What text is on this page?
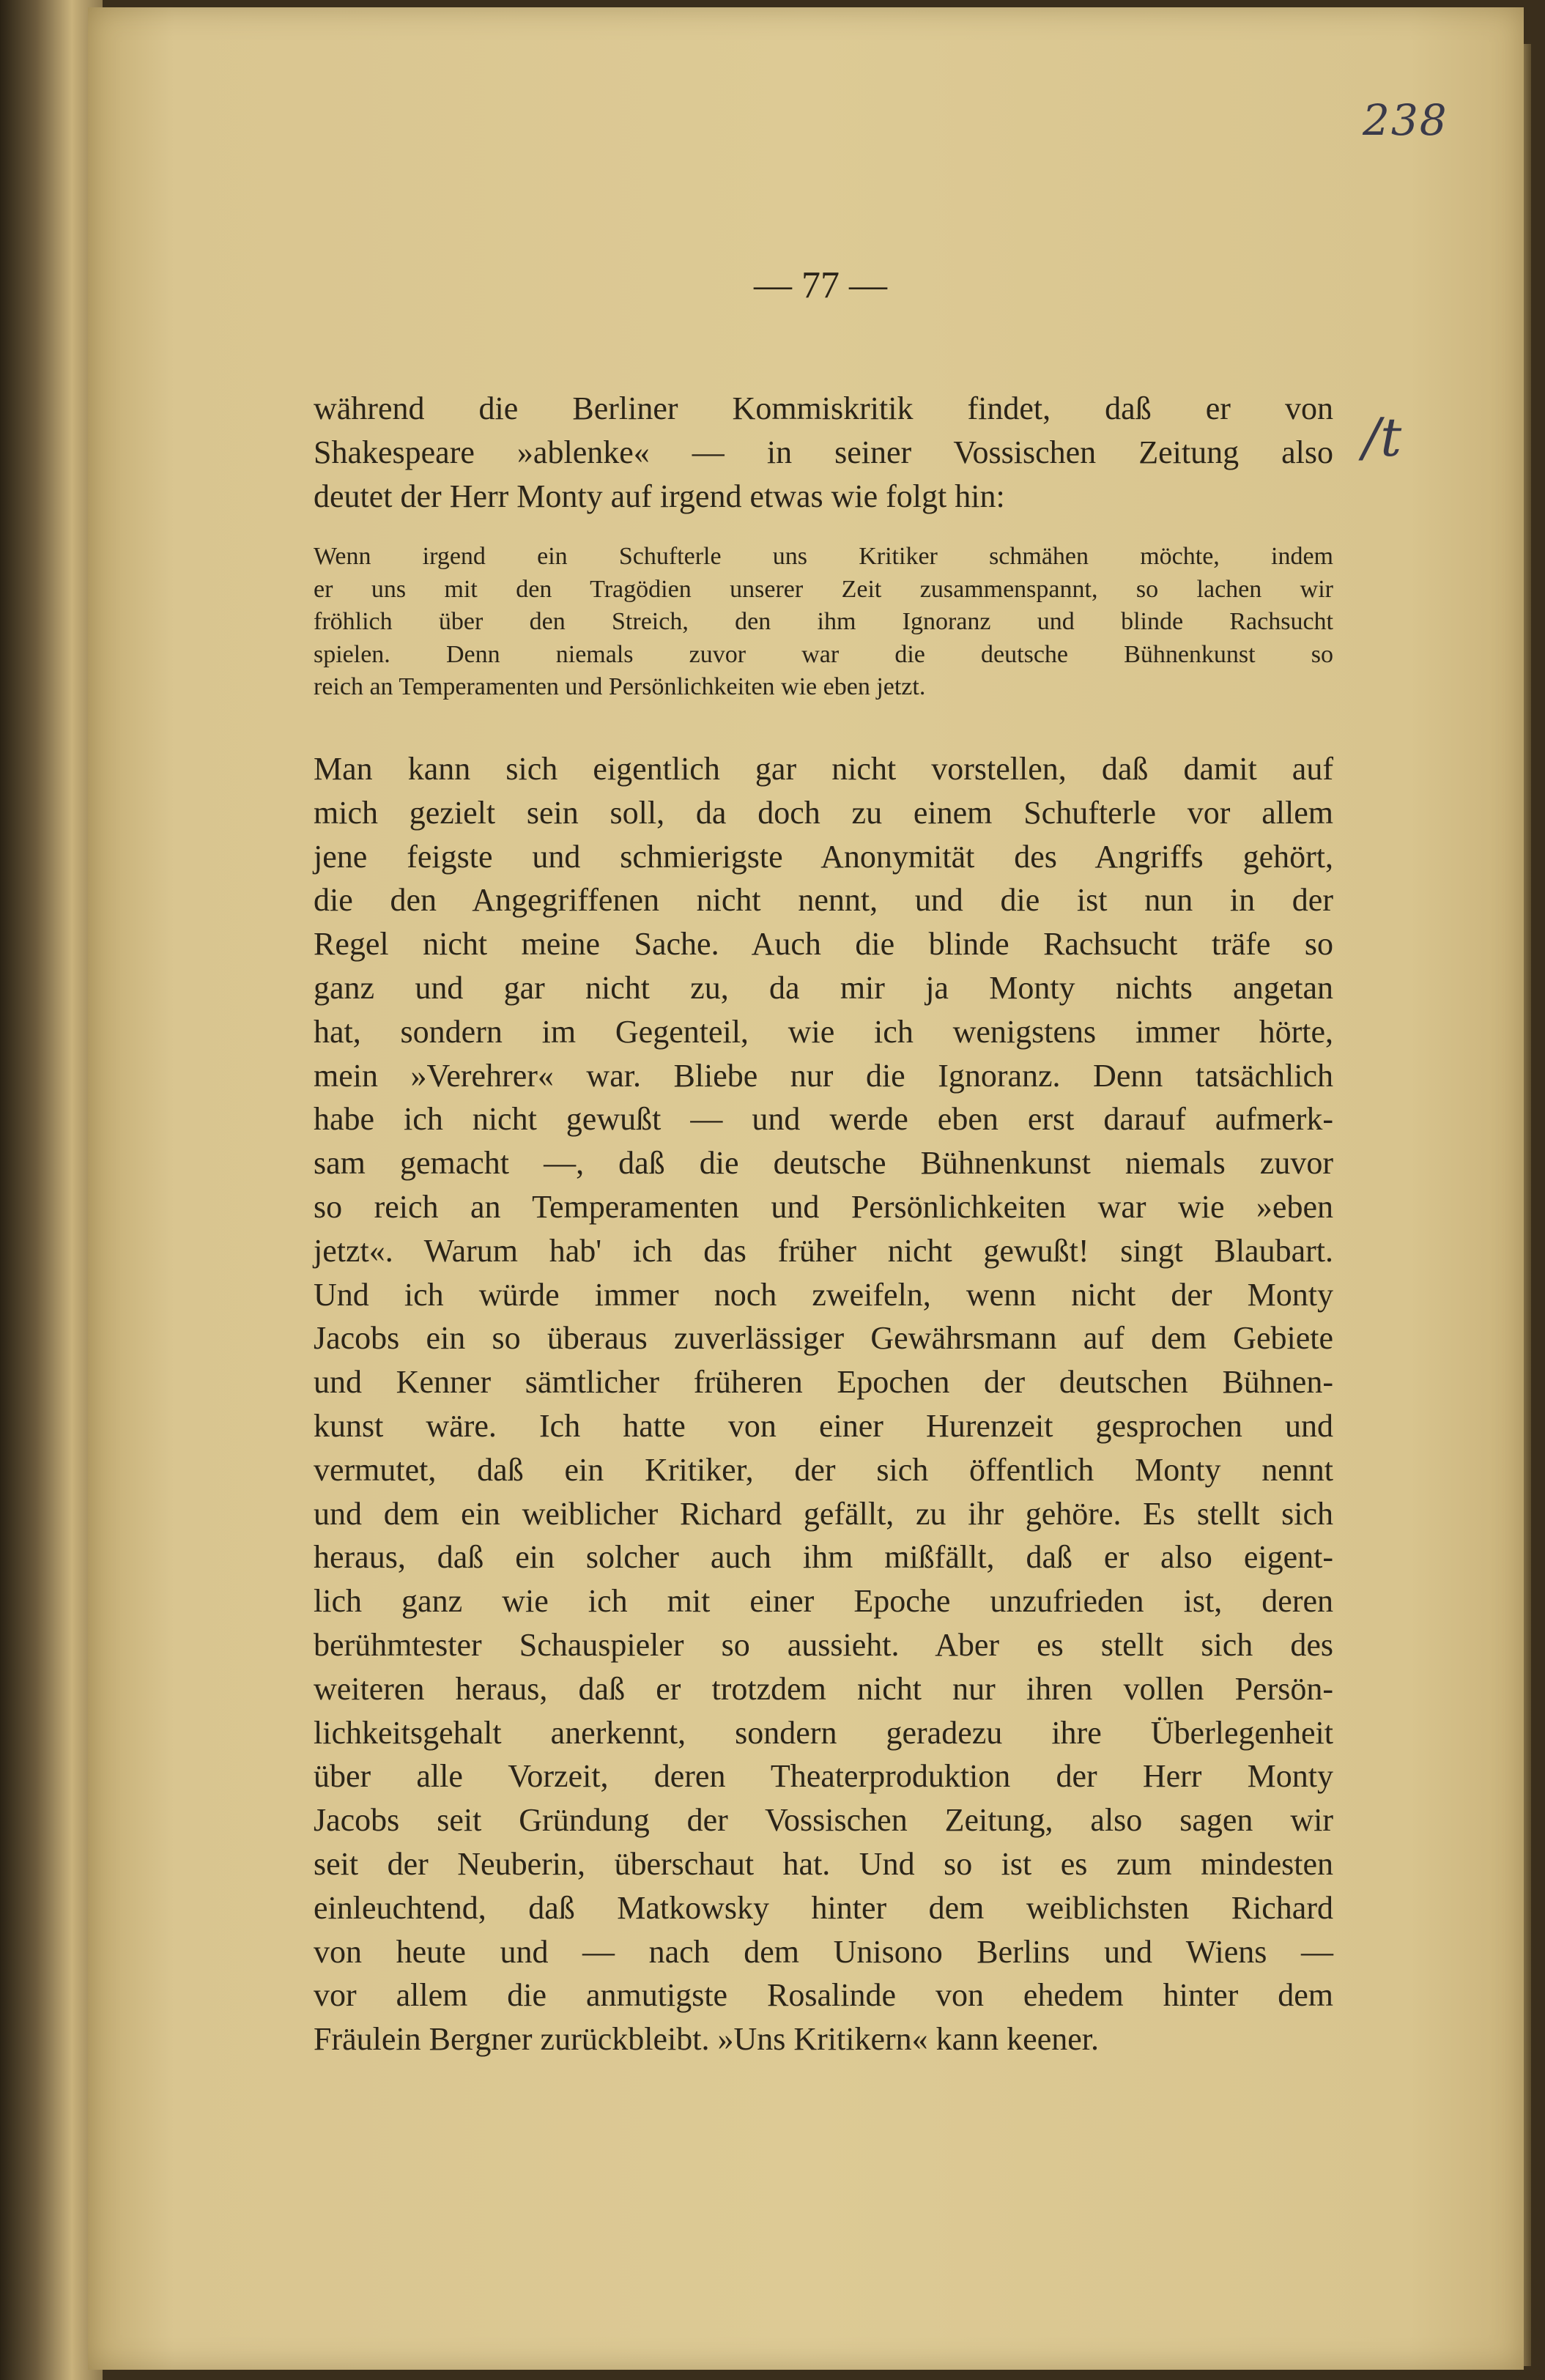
238
/t
— 77 —
während die Berliner Kommiskritik findet, daß er von
Shakespeare »ablenke« — in seiner Vossischen Zeitung also
deutet der Herr Monty auf irgend etwas wie folgt hin:
Wenn irgend ein Schufterle uns Kritiker schmähen möchte, indem
er uns mit den Tragödien unserer Zeit zusammenspannt, so lachen wir
fröhlich über den Streich, den ihm Ignoranz und blinde Rachsucht
spielen. Denn niemals zuvor war die deutsche Bühnenkunst so
reich an Temperamenten und Persönlichkeiten wie eben jetzt.
Man kann sich eigentlich gar nicht vorstellen, daß damit auf
mich gezielt sein soll, da doch zu einem Schufterle vor allem
jene feigste und schmierigste Anonymität des Angriffs gehört,
die den Angegriffenen nicht nennt, und die ist nun in der
Regel nicht meine Sache. Auch die blinde Rachsucht träfe so
ganz und gar nicht zu, da mir ja Monty nichts angetan
hat, sondern im Gegenteil, wie ich wenigstens immer hörte,
mein »Verehrer« war. Bliebe nur die Ignoranz. Denn tatsächlich
habe ich nicht gewußt — und werde eben erst darauf aufmerk-
sam gemacht —, daß die deutsche Bühnenkunst niemals zuvor
so reich an Temperamenten und Persönlichkeiten war wie »eben
jetzt«. Warum hab' ich das früher nicht gewußt! singt Blaubart.
Und ich würde immer noch zweifeln, wenn nicht der Monty
Jacobs ein so überaus zuverlässiger Gewährsmann auf dem Gebiete
und Kenner sämtlicher früheren Epochen der deutschen Bühnen-
kunst wäre. Ich hatte von einer Hurenzeit gesprochen und
vermutet, daß ein Kritiker, der sich öffentlich Monty nennt
und dem ein weiblicher Richard gefällt, zu ihr gehöre. Es stellt sich
heraus, daß ein solcher auch ihm mißfällt, daß er also eigent-
lich ganz wie ich mit einer Epoche unzufrieden ist, deren
berühmtester Schauspieler so aussieht. Aber es stellt sich des
weiteren heraus, daß er trotzdem nicht nur ihren vollen Persön-
lichkeitsgehalt anerkennt, sondern geradezu ihre Überlegenheit
über alle Vorzeit, deren Theaterproduktion der Herr Monty
Jacobs seit Gründung der Vossischen Zeitung, also sagen wir
seit der Neuberin, überschaut hat. Und so ist es zum mindesten
einleuchtend, daß Matkowsky hinter dem weiblichsten Richard
von heute und — nach dem Unisono Berlins und Wiens —
vor allem die anmutigste Rosalinde von ehedem hinter dem
Fräulein Bergner zurückbleibt. »Uns Kritikern« kann keener.
